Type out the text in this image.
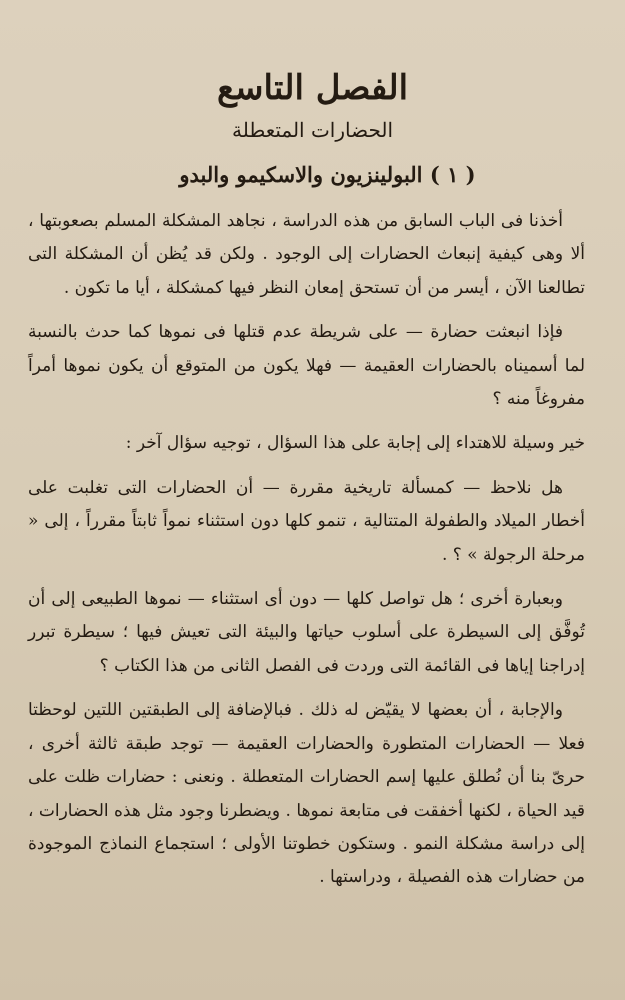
الفصل التاسع
الحضارات المتعطلة
( ١ ) البولينزيون والاسكيمو والبدو

أخذنا فى الباب السابق من هذه الدراسة ، نجاهد المشكلة المسلم بصعوبتها ، ألا وهى كيفية إنبعاث الحضارات إلى الوجود . ولكن قد يُظن أن المشكلة التى تطالعنا الآن ، أيسر من أن تستحق إمعان النظر فيها كمشكلة ، أيا ما تكون .

فإذا انبعثت حضارة — على شريطة عدم قتلها فى نموها كما حدث بالنسبة لما أسميناه بالحضارات العقيمة — فهلا يكون من المتوقع أن يكون نموها أمراً مفروغاً منه ؟

خير وسيلة للاهتداء إلى إجابة على هذا السؤال ، توجيه سؤال آخر :

هل نلاحظ — كمسألة تاريخية مقررة — أن الحضارات التى تغلبت على أخطار الميلاد والطفولة المتتالية ، تنمو كلها دون استثناء نمواً ثابتاً مقرراً ، إلى « مرحلة الرجولة » ؟ .

وبعبارة أخرى ؛ هل تواصل كلها — دون أى استثناء — نموها الطبيعى إلى أن تُوفَّق إلى السيطرة على أسلوب حياتها والبيئة التى تعيش فيها ؛ سيطرة تبرر إدراجنا إياها فى القائمة التى وردت فى الفصل الثانى من هذا الكتاب ؟

والإجابة ، أن بعضها لا يقيّض له ذلك . فبالإضافة إلى الطبقتين اللتين لوحظتا فعلا — الحضارات المتطورة والحضارات العقيمة — توجد طبقة ثالثة أخرى ، حرىّ بنا أن نُطلق عليها إسم الحضارات المتعطلة . ونعنى : حضارات ظلت على قيد الحياة ، لكنها أخفقت فى متابعة نموها . ويضطرنا وجود مثل هذه الحضارات ، إلى دراسة مشكلة النمو . وستكون خطوتنا الأولى ؛ استجماع النماذج الموجودة من حضارات هذه الفصيلة ، ودراستها .
